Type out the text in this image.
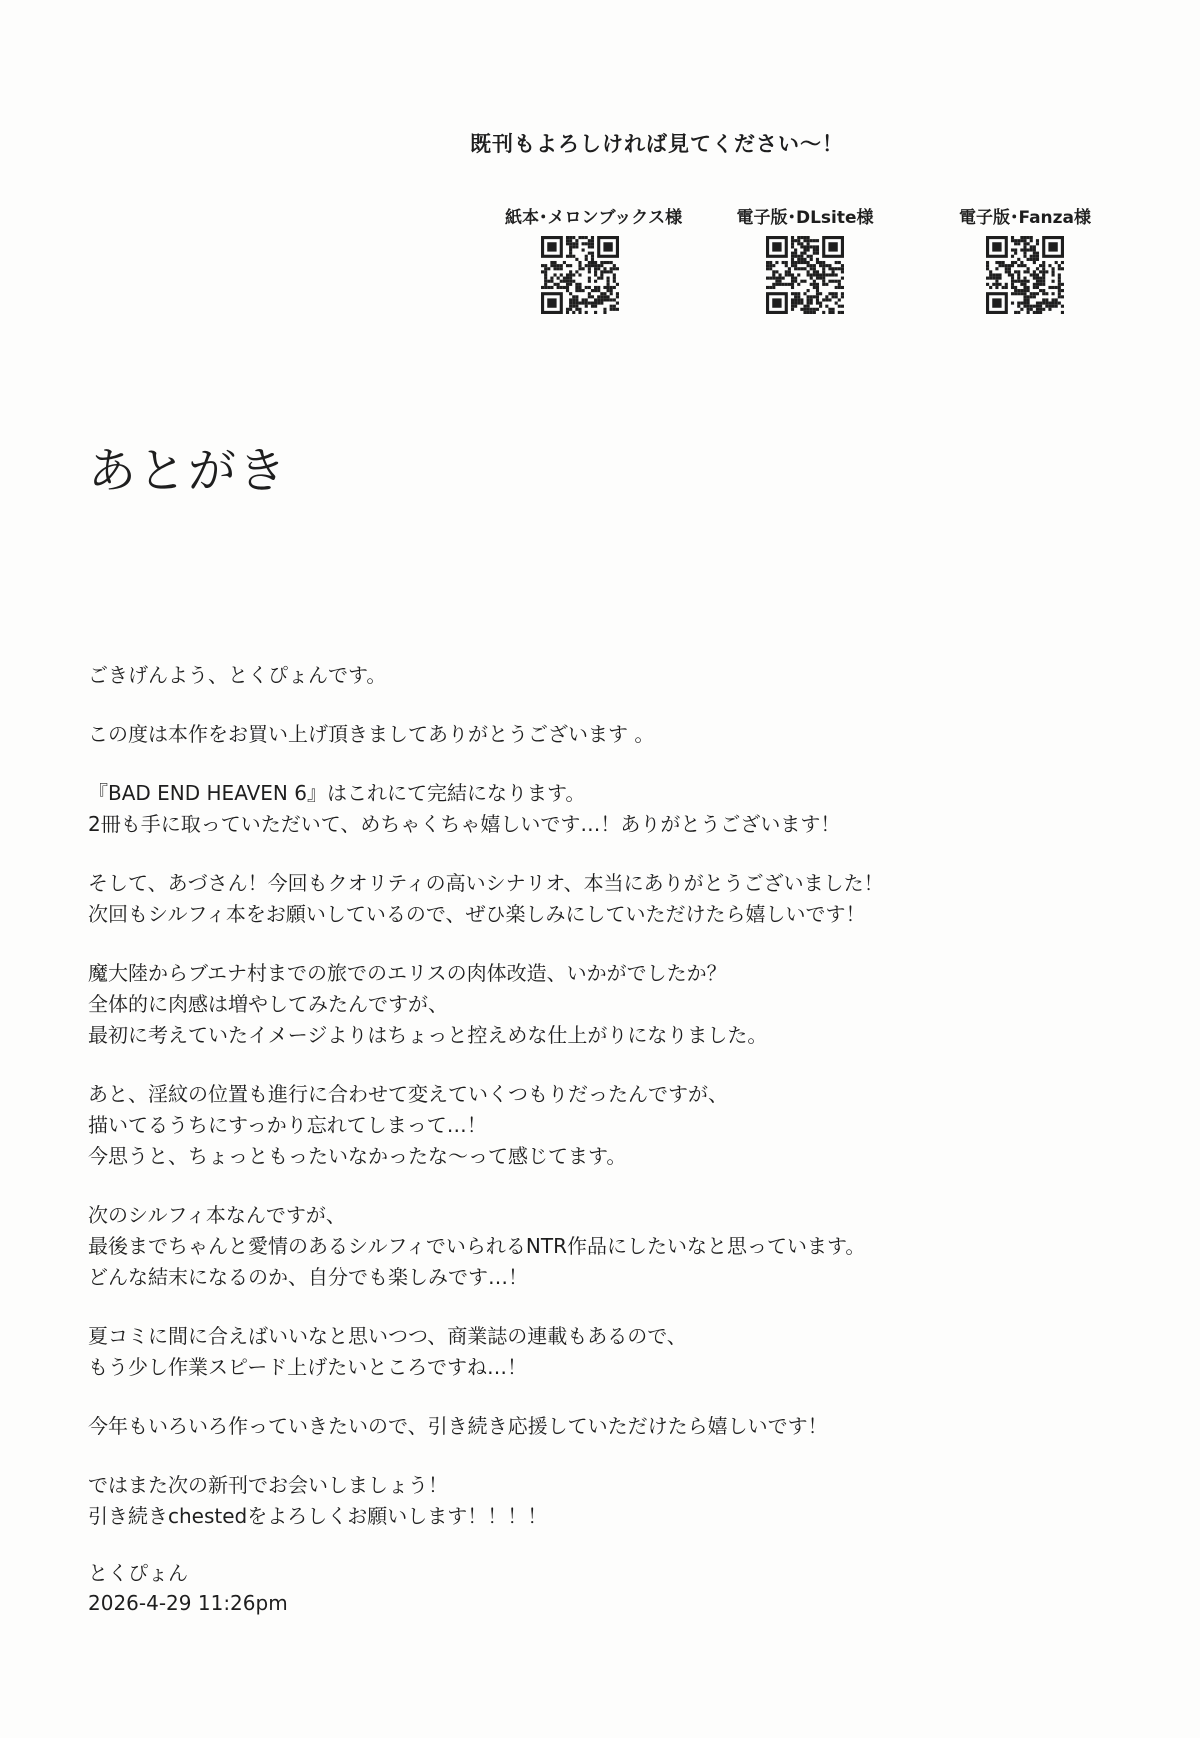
既刊もよろしければ見てください～！
紙本･メロンブックス様	電子版･DLsite様	電子版･Fanza様
あとがき

ごきげんよう、とくぴょんです。

この度は本作をお買い上げ頂きましてありがとうございます 。

『BAD END HEAVEN 6』はこれにて完結になります。
2冊も手に取っていただいて、めちゃくちゃ嬉しいです…！ありがとうございます！

そして、あづさん！今回もクオリティの高いシナリオ、本当にありがとうございました！
次回もシルフィ本をお願いしているので、ぜひ楽しみにしていただけたら嬉しいです！

魔大陸からブエナ村までの旅でのエリスの肉体改造、いかがでしたか？
全体的に肉感は増やしてみたんですが、
最初に考えていたイメージよりはちょっと控えめな仕上がりになりました。

あと、淫紋の位置も進行に合わせて変えていくつもりだったんですが、
描いてるうちにすっかり忘れてしまって…！
今思うと、ちょっともったいなかったな～って感じてます。

次のシルフィ本なんですが、
最後までちゃんと愛情のあるシルフィでいられるNTR作品にしたいなと思っています。
どんな結末になるのか、自分でも楽しみです…！

夏コミに間に合えばいいなと思いつつ、商業誌の連載もあるので、
もう少し作業スピード上げたいところですね…！

今年もいろいろ作っていきたいので、引き続き応援していただけたら嬉しいです！

ではまた次の新刊でお会いしましょう！
引き続きchestedをよろしくお願いします！！！！

とくぴょん
2026-4-29 11:26pm
